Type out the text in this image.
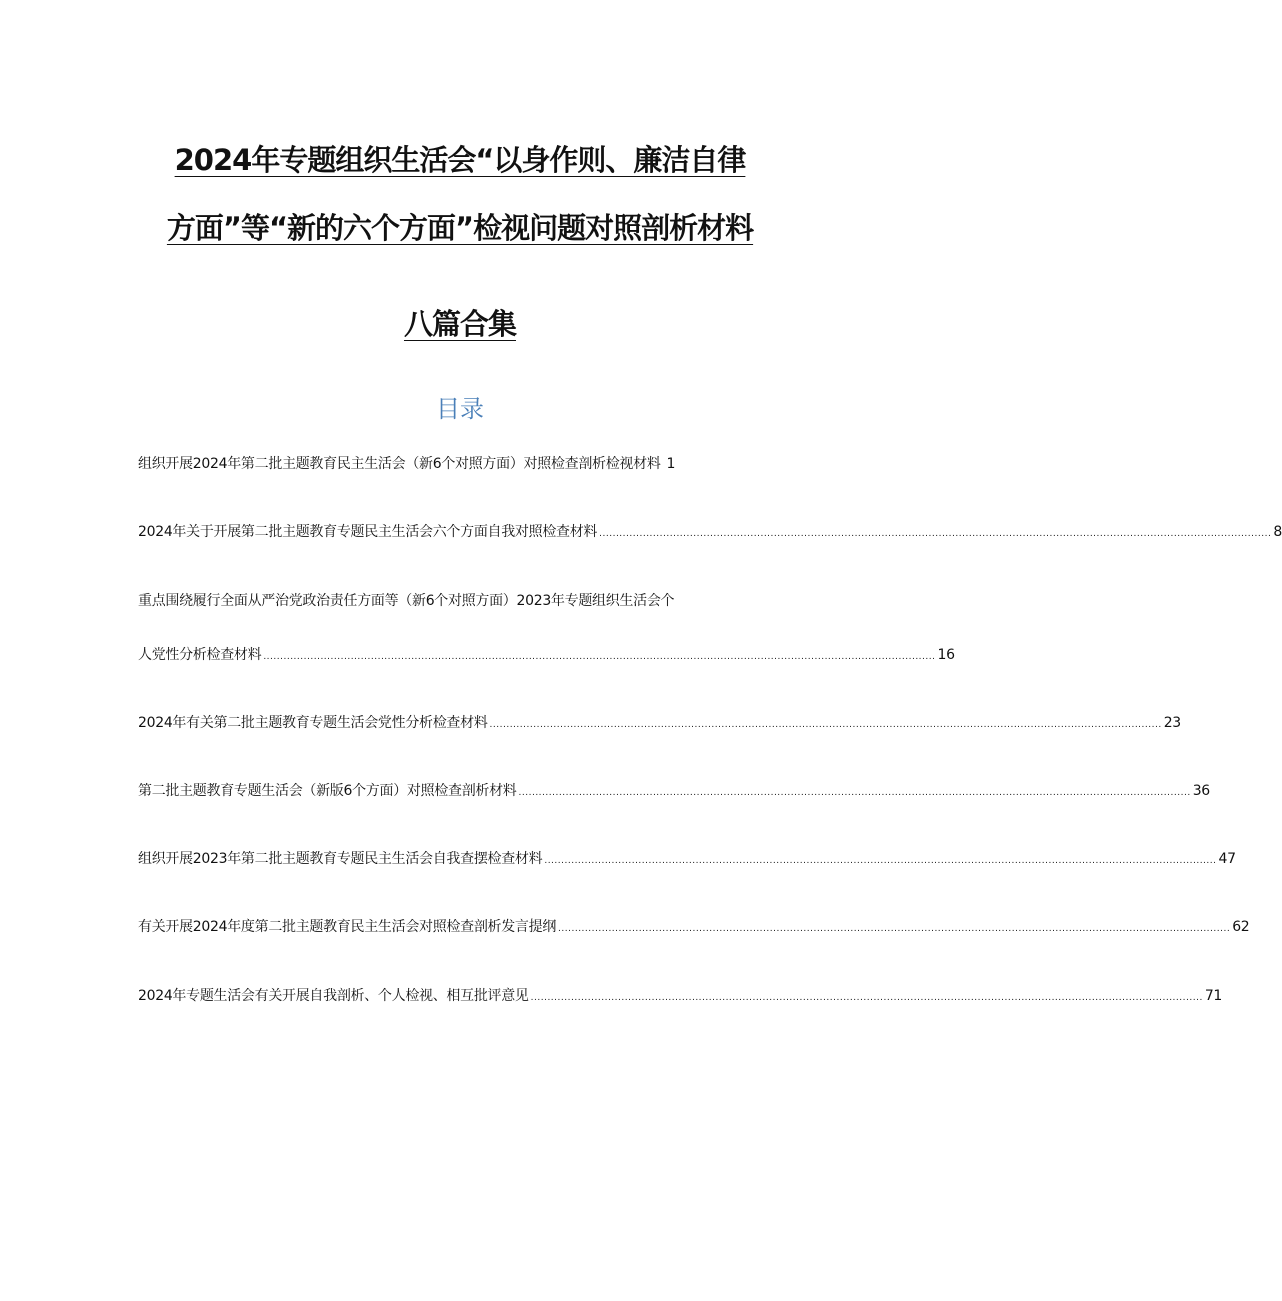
2024年专题组织生活会“以身作则、廉洁自律
方面”等“新的六个方面”检视问题对照剖析材料
八篇合集
目录
组织开展2024年第二批主题教育民主生活会（新6个对照方面）对照检查剖析检视材料 1
2024年关于开展第二批主题教育专题民主生活会六个方面自我对照检查材料 ........................................................................................................................................................................................................ 8
重点围绕履行全面从严治党政治责任方面等（新6个对照方面）2023年专题组织生活会个
人党性分析检查材料 ........................................................................................................................................................................................................ 16
2024年有关第二批主题教育专题生活会党性分析检查材料 ........................................................................................................................................................................................................ 23
第二批主题教育专题生活会（新版6个方面）对照检查剖析材料 ........................................................................................................................................................................................................ 36
组织开展2023年第二批主题教育专题民主生活会自我查摆检查材料 ........................................................................................................................................................................................................ 47
有关开展2024年度第二批主题教育民主生活会对照检查剖析发言提纲 ........................................................................................................................................................................................................ 62
2024年专题生活会有关开展自我剖析、个人检视、相互批评意见 ........................................................................................................................................................................................................ 71
